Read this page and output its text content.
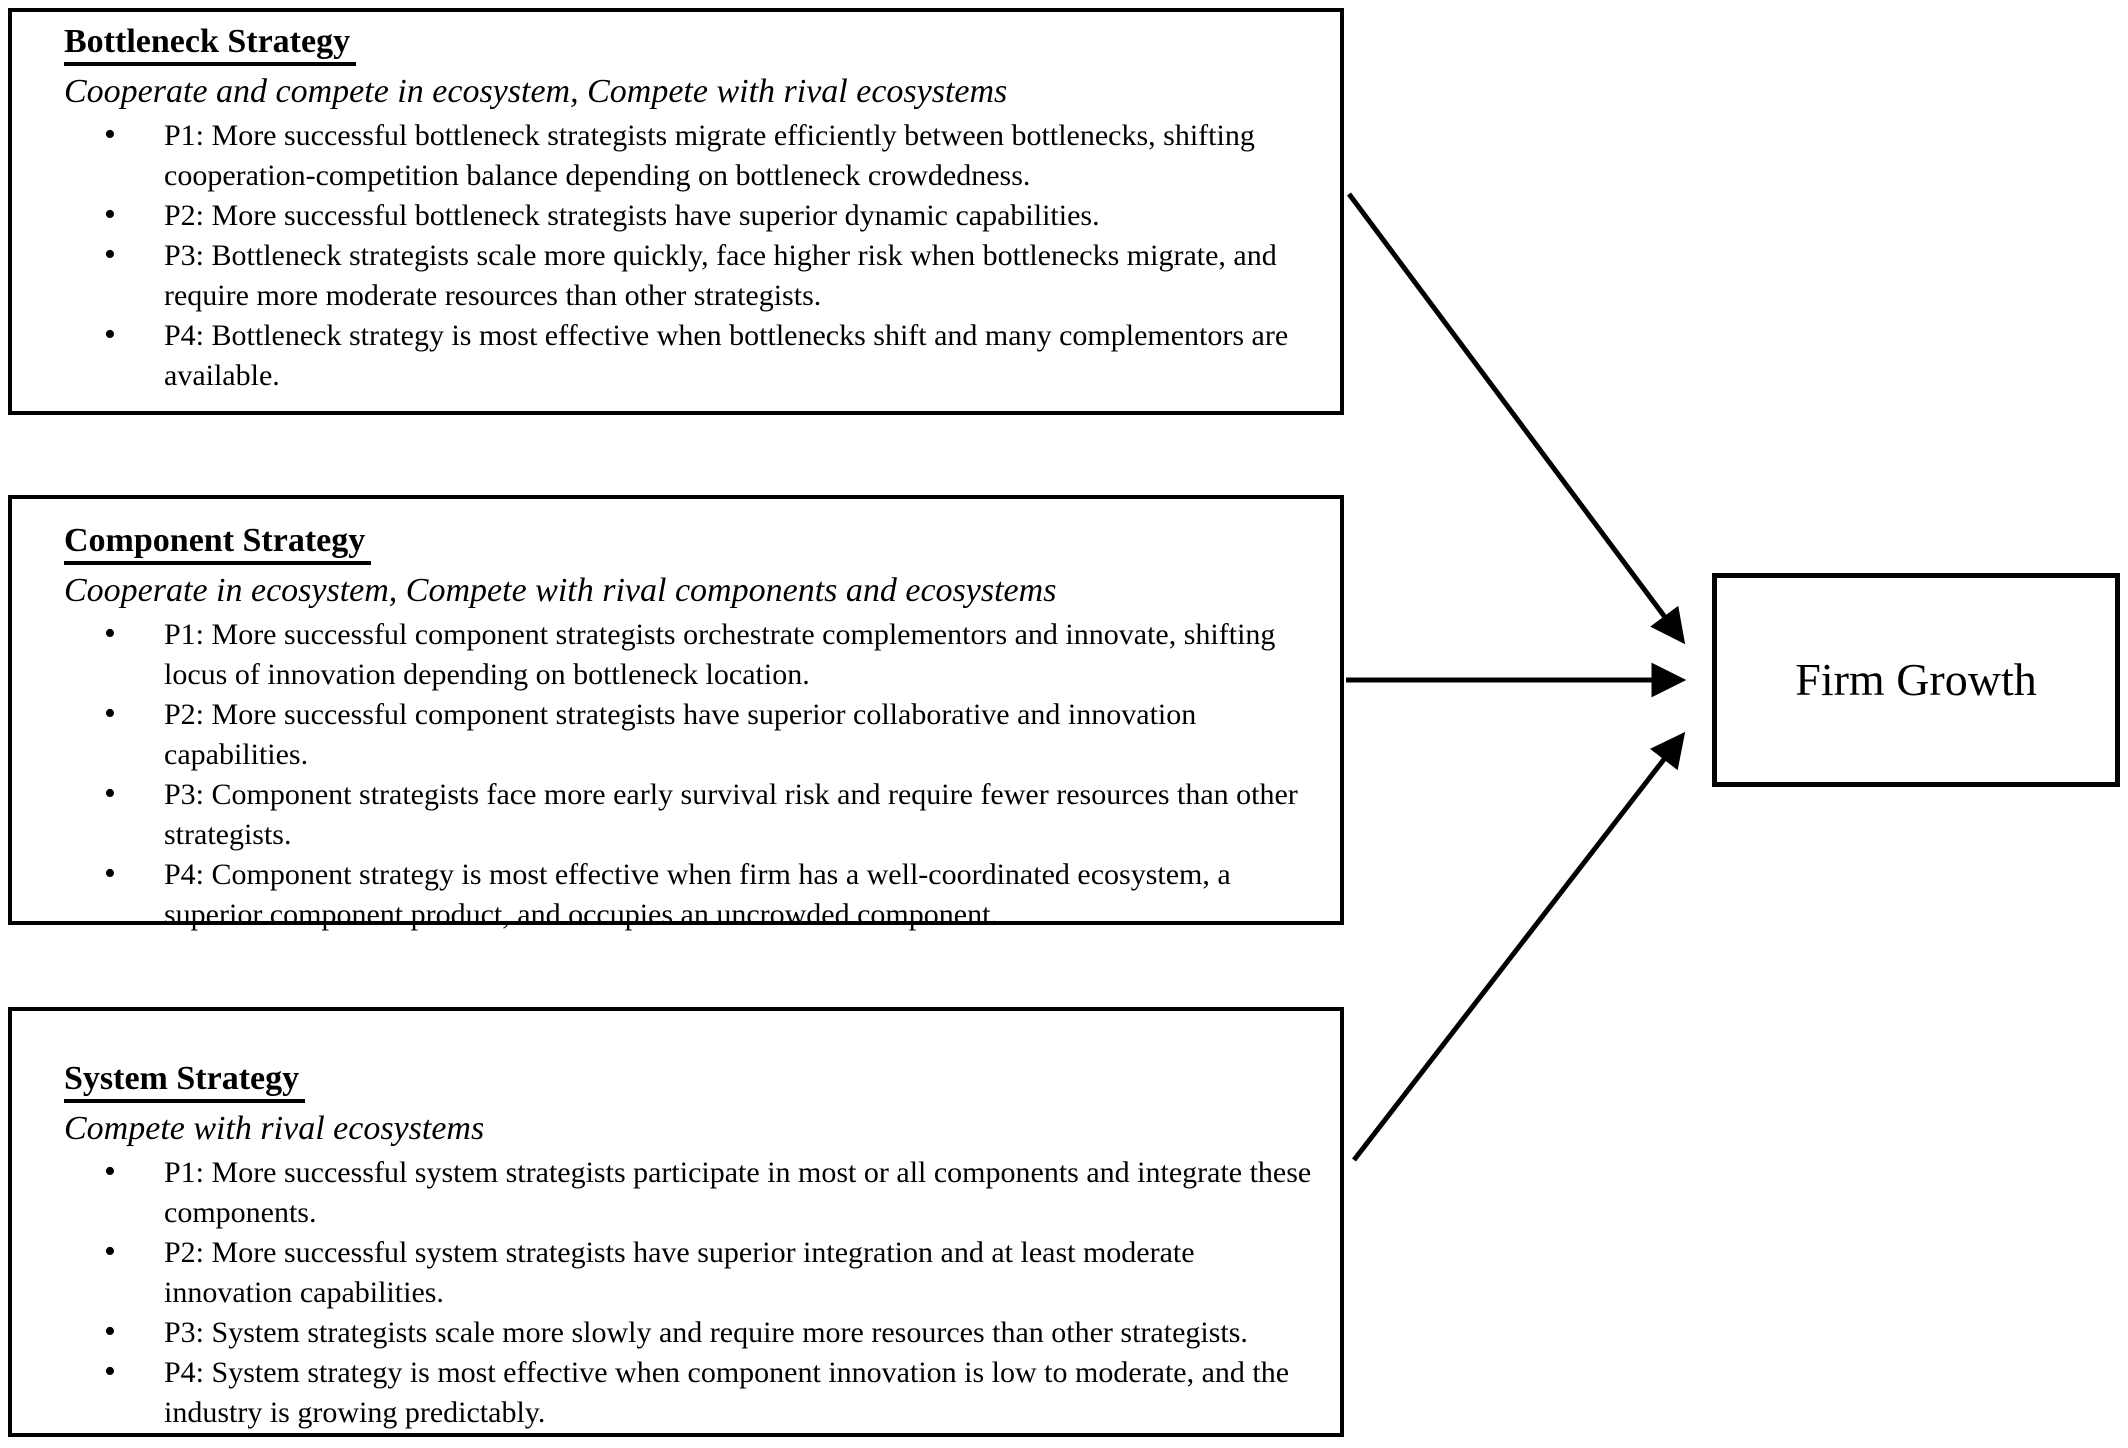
Bottleneck Strategy

Cooperate and compete in ecosystem, Compete with rival ecosystems

• P1: More successful bottleneck strategists migrate efficiently between bottlenecks, shifting cooperation-competition balance depending on bottleneck crowdedness.
• P2: More successful bottleneck strategists have superior dynamic capabilities.
• P3: Bottleneck strategists scale more quickly, face higher risk when bottlenecks migrate, and require more moderate resources than other strategists.
• P4: Bottleneck strategy is most effective when bottlenecks shift and many complementors are available.
Component Strategy

Cooperate in ecosystem, Compete with rival components and ecosystems

• P1: More successful component strategists orchestrate complementors and innovate, shifting locus of innovation depending on bottleneck location.
• P2: More successful component strategists have superior collaborative and innovation capabilities.
• P3: Component strategists face more early survival risk and require fewer resources than other strategists.
• P4: Component strategy is most effective when firm has a well-coordinated ecosystem, a superior component product, and occupies an uncrowded component.
System Strategy

Compete with rival ecosystems

• P1: More successful system strategists participate in most or all components and integrate these components.
• P2: More successful system strategists have superior integration and at least moderate innovation capabilities.
• P3: System strategists scale more slowly and require more resources than other strategists.
• P4: System strategy is most effective when component innovation is low to moderate, and the industry is growing predictably.
Firm Growth
